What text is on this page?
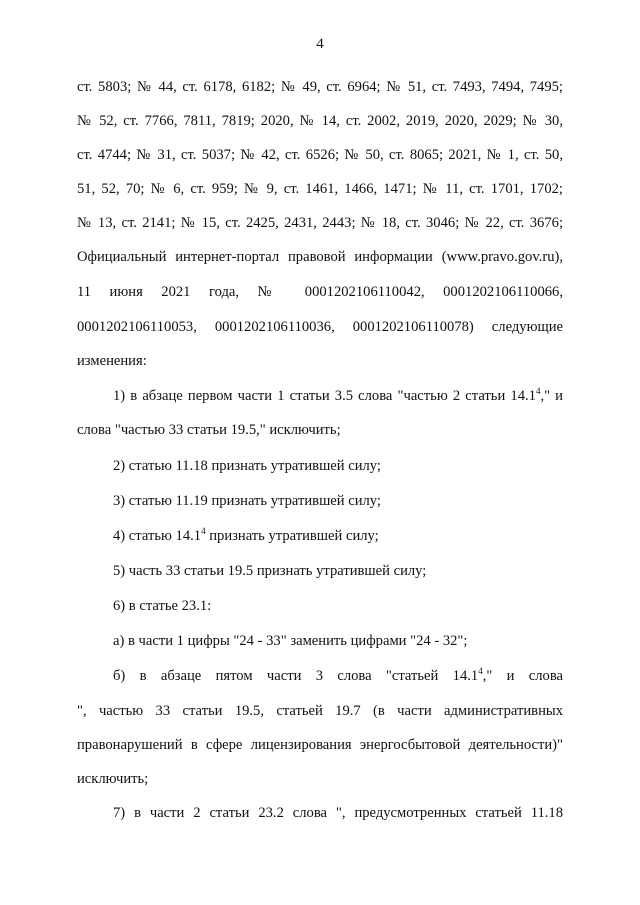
4
ст. 5803; № 44, ст. 6178, 6182; № 49, ст. 6964; № 51, ст. 7493, 7494, 7495;
№ 52, ст. 7766, 7811, 7819; 2020, № 14, ст. 2002, 2019, 2020, 2029; № 30,
ст. 4744; № 31, ст. 5037; № 42, ст. 6526; № 50, ст. 8065; 2021, № 1, ст. 50,
51, 52, 70; № 6, ст. 959; № 9, ст. 1461, 1466, 1471; № 11, ст. 1701, 1702;
№ 13, ст. 2141; № 15, ст. 2425, 2431, 2443; № 18, ст. 3046; № 22, ст. 3676;
Официальный интернет-портал правовой информации (www.pravo.gov.ru),
11 июня 2021 года, № 0001202106110042, 0001202106110066,
0001202106110053, 0001202106110036, 0001202106110078) следующие
изменения:
1) в абзаце первом части 1 статьи 3.5 слова "частью 2 статьи 14.1$^4$," и
слова "частью 33 статьи 19.5," исключить;
2) статью 11.18 признать утратившей силу;
3) статью 11.19 признать утратившей силу;
4) статью 14.1$^4$ признать утратившей силу;
5) часть 33 статьи 19.5 признать утратившей силу;
6) в статье 23.1:
а) в части 1 цифры "24 - 33" заменить цифрами "24 - 32";
б) в абзаце пятом части 3 слова "статьей 14.1$^4$," и слова
", частью 33 статьи 19.5, статьей 19.7 (в части административных
правонарушений в сфере лицензирования энергосбытовой деятельности)"
исключить;
7) в части 2 статьи 23.2 слова ", предусмотренных статьей 11.18
